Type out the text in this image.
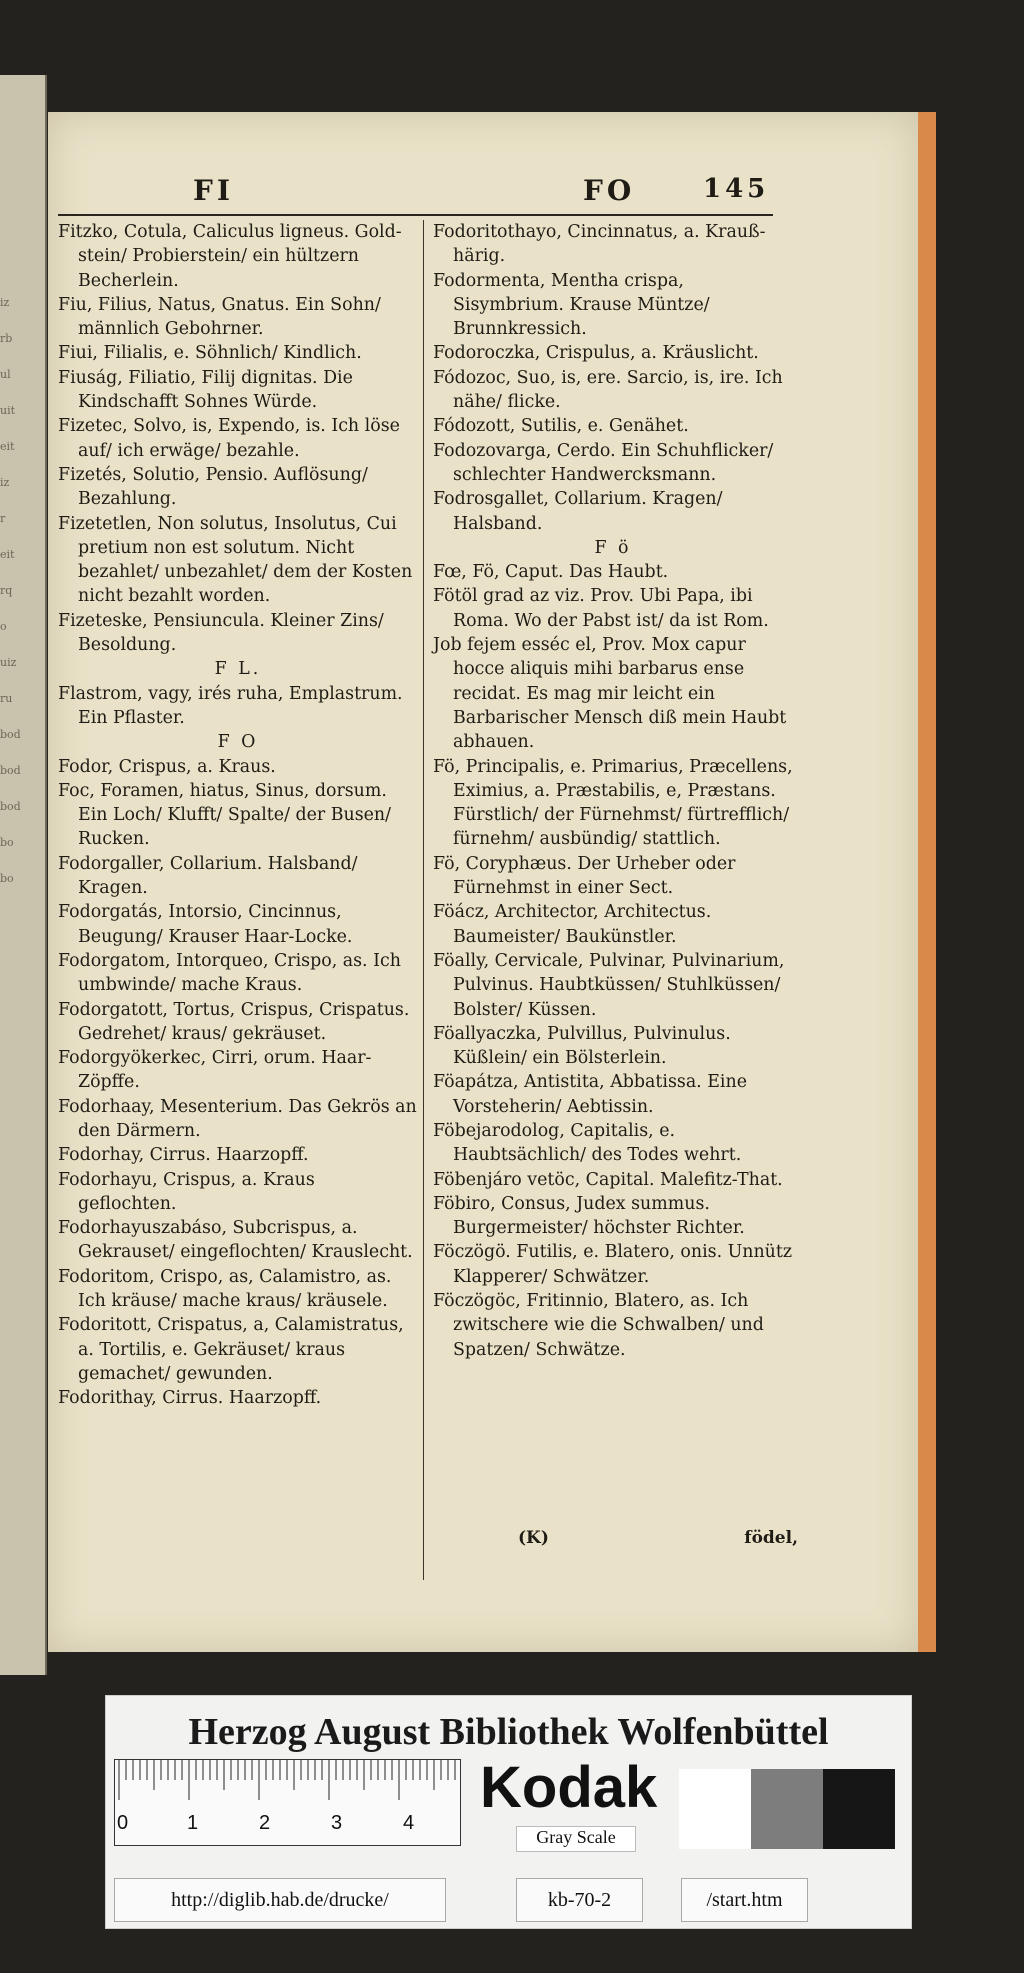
iz
rb
ul
uit
eit
iz
r
eit
rq
o
uiz
ru
bod
bod
bod
bo
bo
FI	FO	145

Fitzko, Cotula, Caliculus ligneus. Gold-stein/ Probierstein/ ein hültzern Becherlein.

Fiu, Filius, Natus, Gnatus. Ein Sohn/ männlich Gebohrner.

Fiui, Filialis, e. Söhnlich/ Kindlich.

Fiuság, Filiatio, Filij dignitas. Die Kindschafft Sohnes Würde.

Fizetec, Solvo, is, Expendo, is. Ich löse auf/ ich erwäge/ bezahle.

Fizetés, Solutio, Pensio. Auflösung/ Bezahlung.

Fizetetlen, Non solutus, Insolutus, Cui pretium non est solutum. Nicht bezahlet/ unbezahlet/ dem der Kosten nicht bezahlt worden.

Fizeteske, Pensiuncula. Kleiner Zins/ Besoldung.

F L.

Flastrom, vagy, irés ruha, Emplastrum. Ein Pflaster.

F O

Fodor, Crispus, a. Kraus.

Foc, Foramen, hiatus, Sinus, dorsum. Ein Loch/ Klufft/ Spalte/ der Busen/ Rucken.

Fodorgaller, Collarium. Halsband/ Kragen.

Fodorgatás, Intorsio, Cincinnus, Beugung/ Krauser Haar-Locke.

Fodorgatom, Intorqueo, Crispo, as. Ich umbwinde/ mache Kraus.

Fodorgatott, Tortus, Crispus, Crispatus. Gedrehet/ kraus/ gekräuset.

Fodorgyökerkec, Cirri, orum. Haar-Zöpffe.

Fodorhaay, Mesenterium. Das Gekrös an den Därmern.

Fodorhay, Cirrus. Haarzopff.

Fodorhayu, Crispus, a. Kraus geflochten.

Fodorhayuszabáso, Subcrispus, a. Gekrauset/ eingeflochten/ Krauslecht.

Fodoritom, Crispo, as, Calamistro, as. Ich kräuse/ mache kraus/ kräusele.

Fodoritott, Crispatus, a, Calamistratus, a. Tortilis, e. Gekräuset/ kraus gemachet/ gewunden.

Fodorithay, Cirrus. Haarzopff.

Fodoritothayo, Cincinnatus, a. Krauß-härig.

Fodormenta, Mentha crispa, Sisymbrium. Krause Müntze/ Brunnkressich.

Fodoroczka, Crispulus, a. Kräuslicht.

Fódozoc, Suo, is, ere. Sarcio, is, ire. Ich nähe/ flicke.

Fódozott, Sutilis, e. Genähet.

Fodozovarga, Cerdo. Ein Schuhflicker/ schlechter Handwercksmann.

Fodrosgallet, Collarium. Kragen/ Halsband.

F ö

Fœ, Fö, Caput. Das Haubt.

Fötöl grad az viz. Prov. Ubi Papa, ibi Roma. Wo der Pabst ist/ da ist Rom.

Job fejem esséc el, Prov. Mox capur hocce aliquis mihi barbarus ense recidat. Es mag mir leicht ein Barbarischer Mensch diß mein Haubt abhauen.

Fö, Principalis, e. Primarius, Præcellens, Eximius, a. Præstabilis, e, Præstans. Fürstlich/ der Fürnehmst/ fürtrefflich/ fürnehm/ ausbündig/ stattlich.

Fö, Coryphæus. Der Urheber oder Fürnehmst in einer Sect.

Föácz, Architector, Architectus. Baumeister/ Baukünstler.

Föally, Cervicale, Pulvinar, Pulvinarium, Pulvinus. Haubtküssen/ Stuhlküssen/ Bolster/ Küssen.

Föallyaczka, Pulvillus, Pulvinulus. Küßlein/ ein Bölsterlein.

Föapátza, Antistita, Abbatissa. Eine Vorsteherin/ Aebtissin.

Föbejarodolog, Capitalis, e. Haubtsächlich/ des Todes wehrt.

Föbenjáro vetöc, Capital. Malefitz-That.

Föbiro, Consus, Judex summus. Burgermeister/ höchster Richter.

Föczögö. Futilis, e. Blatero, onis. Unnütz Klapperer/ Schwätzer.

Föczögöc, Fritinnio, Blatero, as. Ich zwitschere wie die Schwalben/ und Spatzen/ Schwätze.

(K)	födel,
Herzog August Bibliothek Wolfenbüttel
0	1	2	3	4
Kodak
Gray Scale
http://diglib.hab.de/drucke/	kb-70-2	/start.htm
